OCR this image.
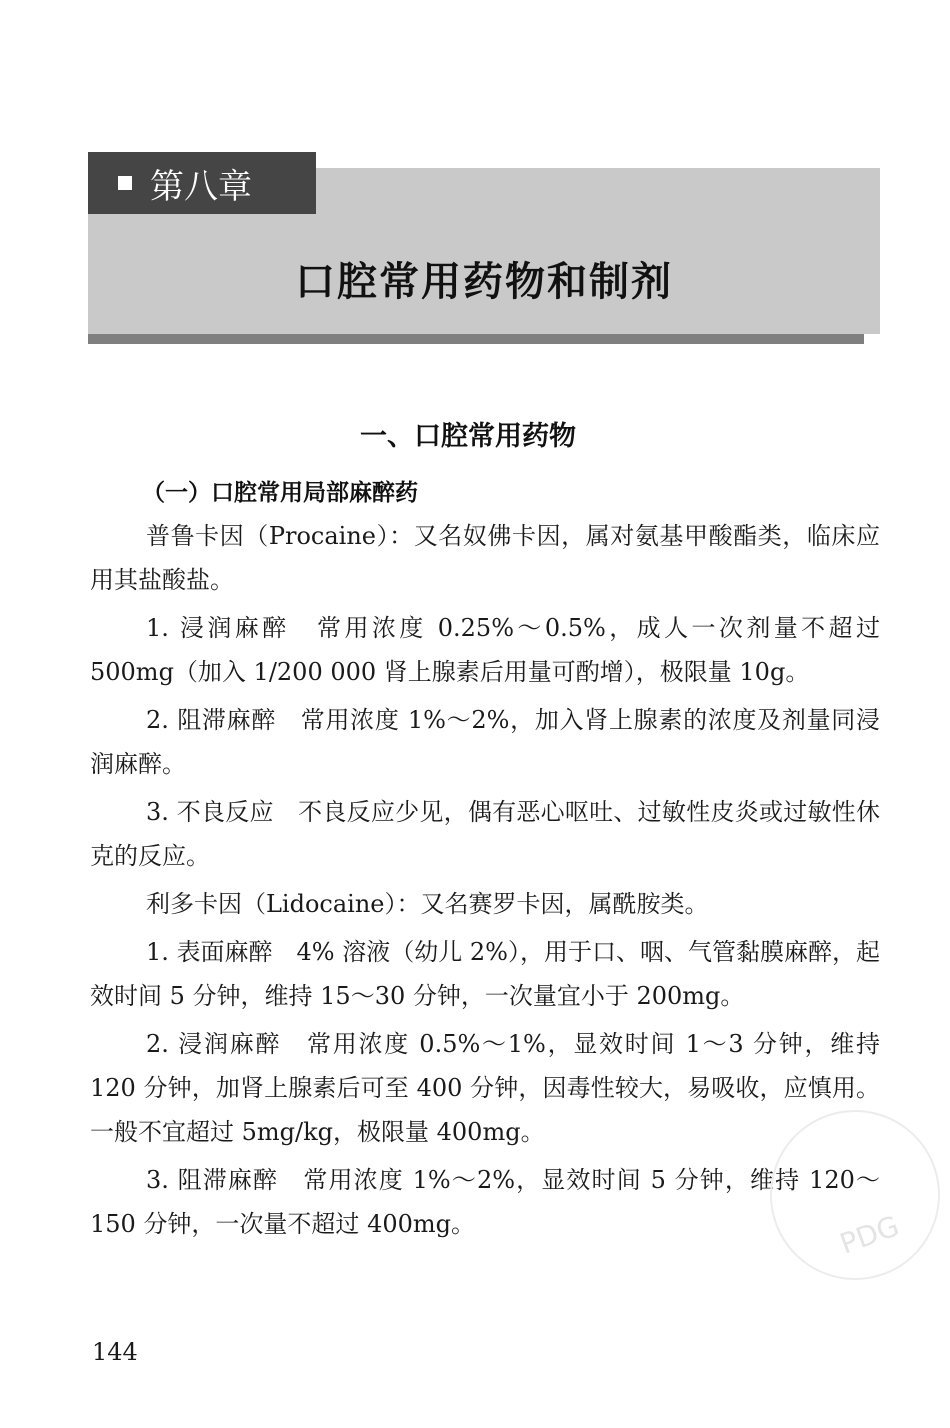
第八章
口腔常用药物和制剂
一、口腔常用药物
（一）口腔常用局部麻醉药

普鲁卡因（Procaine）：又名奴佛卡因，属对氨基甲酸酯类，临床应用其盐酸盐。

1. 浸润麻醉　常用浓度 0.25%～0.5%，成人一次剂量不超过 500mg（加入 1/200 000 肾上腺素后用量可酌增），极限量 10g。

2. 阻滞麻醉　常用浓度 1%～2%，加入肾上腺素的浓度及剂量同浸润麻醉。

3. 不良反应　不良反应少见，偶有恶心呕吐、过敏性皮炎或过敏性休克的反应。

利多卡因（Lidocaine）：又名赛罗卡因，属酰胺类。

1. 表面麻醉　4% 溶液（幼儿 2%），用于口、咽、气管黏膜麻醉，起效时间 5 分钟，维持 15～30 分钟，一次量宜小于 200mg。

2. 浸润麻醉　常用浓度 0.5%～1%，显效时间 1～3 分钟，维持 120 分钟，加肾上腺素后可至 400 分钟，因毒性较大，易吸收，应慎用。一般不宜超过 5mg/kg，极限量 400mg。

3. 阻滞麻醉　常用浓度 1%～2%，显效时间 5 分钟，维持 120～150 分钟，一次量不超过 400mg。

144
PDG
